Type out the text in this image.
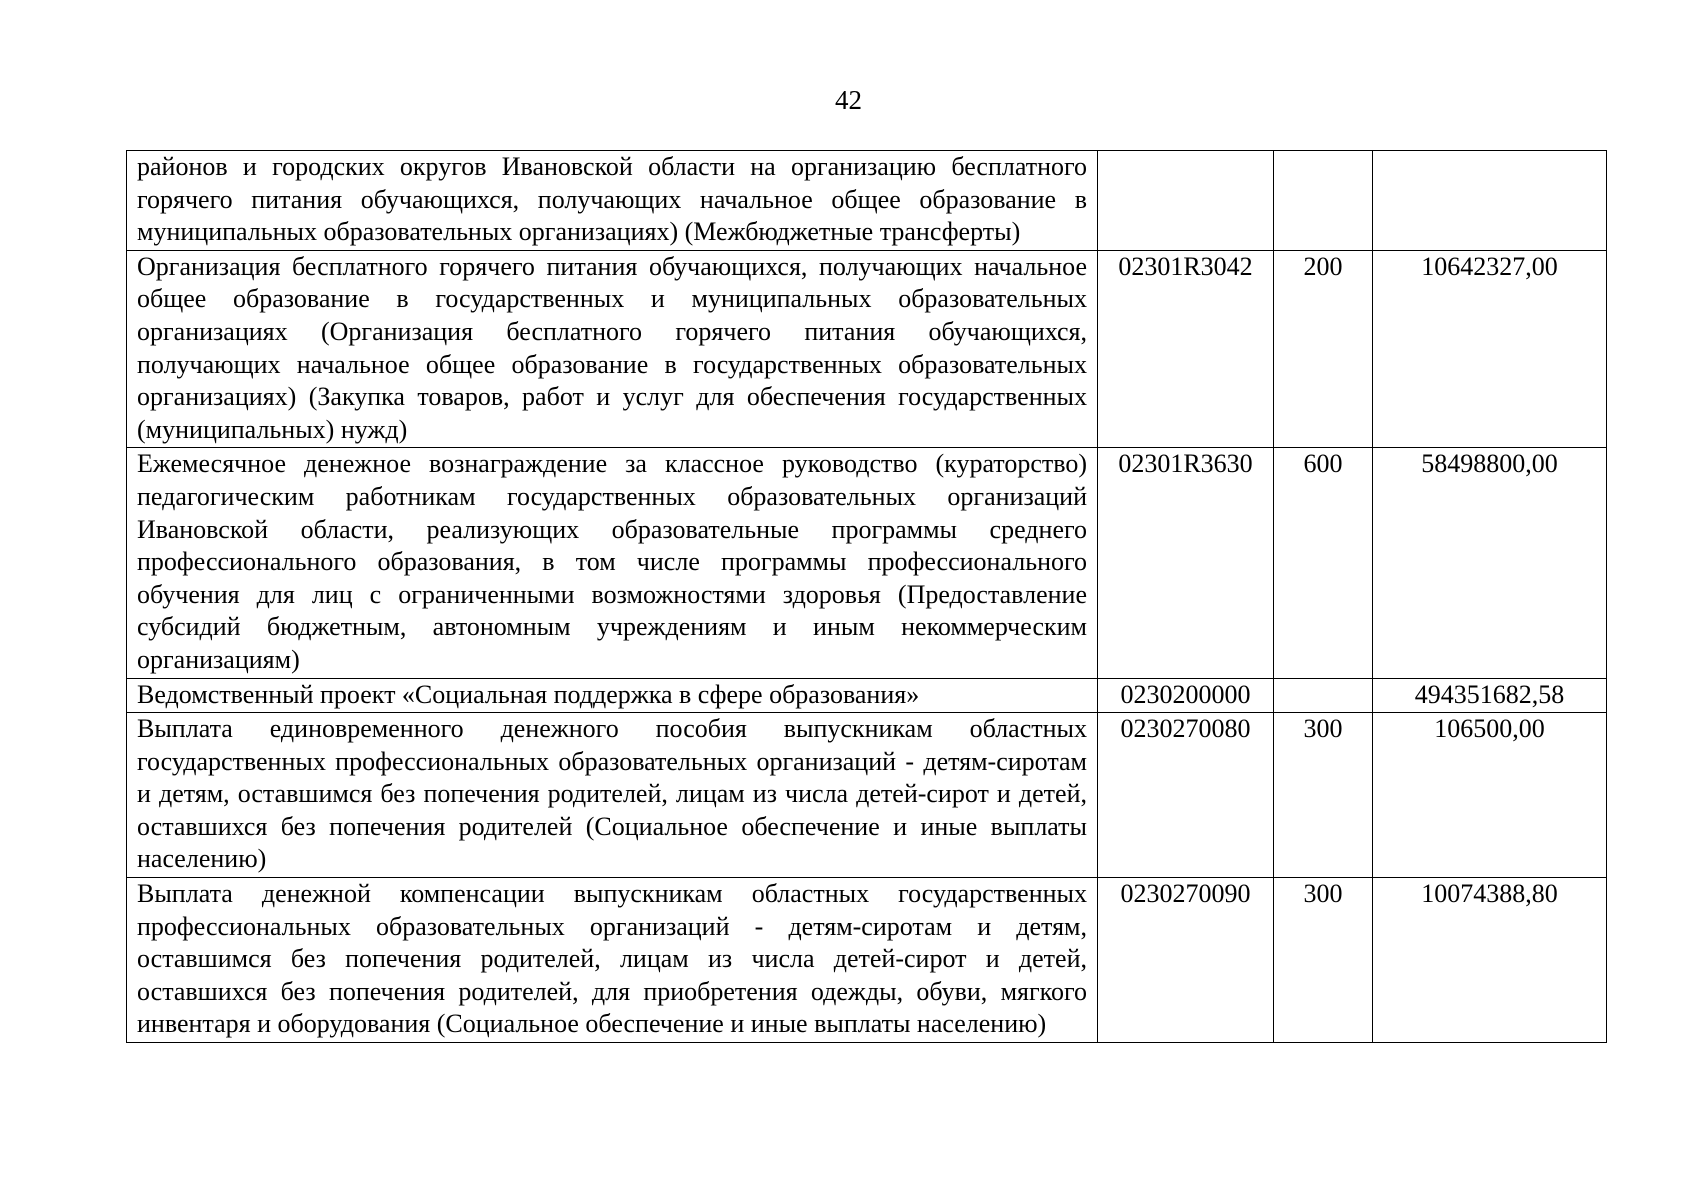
42
районов и городских округов Ивановской области на организацию бесплатного горячего питания обучающихся, получающих начальное общее образование в муниципальных образовательных организациях) (Межбюджетные трансферты)			
Организация бесплатного горячего питания обучающихся, получающих начальное общее образование в государственных и муниципальных образовательных организациях (Организация бесплатного горячего питания обучающихся, получающих начальное общее образование в государственных образовательных организациях) (Закупка товаров, работ и услуг для обеспечения государственных (муниципальных) нужд)	02301R3042	200	10642327,00
Ежемесячное денежное вознаграждение за классное руководство (кураторство) педагогическим работникам государственных образовательных организаций Ивановской области, реализующих образовательные программы среднего профессионального образования, в том числе программы профессионального обучения для лиц с ограниченными возможностями здоровья (Предоставление субсидий бюджетным, автономным учреждениям и иным некоммерческим организациям)	02301R3630	600	58498800,00
Ведомственный проект «Социальная поддержка в сфере образования»	0230200000		494351682,58
Выплата единовременного денежного пособия выпускникам областных государственных профессиональных образовательных организаций - детям-сиротам и детям, оставшимся без попечения родителей, лицам из числа детей-сирот и детей, оставшихся без попечения родителей (Социальное обеспечение и иные выплаты населению)	0230270080	300	106500,00
Выплата денежной компенсации выпускникам областных государственных профессиональных образовательных организаций - детям-сиротам и детям, оставшимся без попечения родителей, лицам из числа детей-сирот и детей, оставшихся без попечения родителей, для приобретения одежды, обуви, мягкого инвентаря и оборудования (Социальное обеспечение и иные выплаты населению)	0230270090	300	10074388,80
